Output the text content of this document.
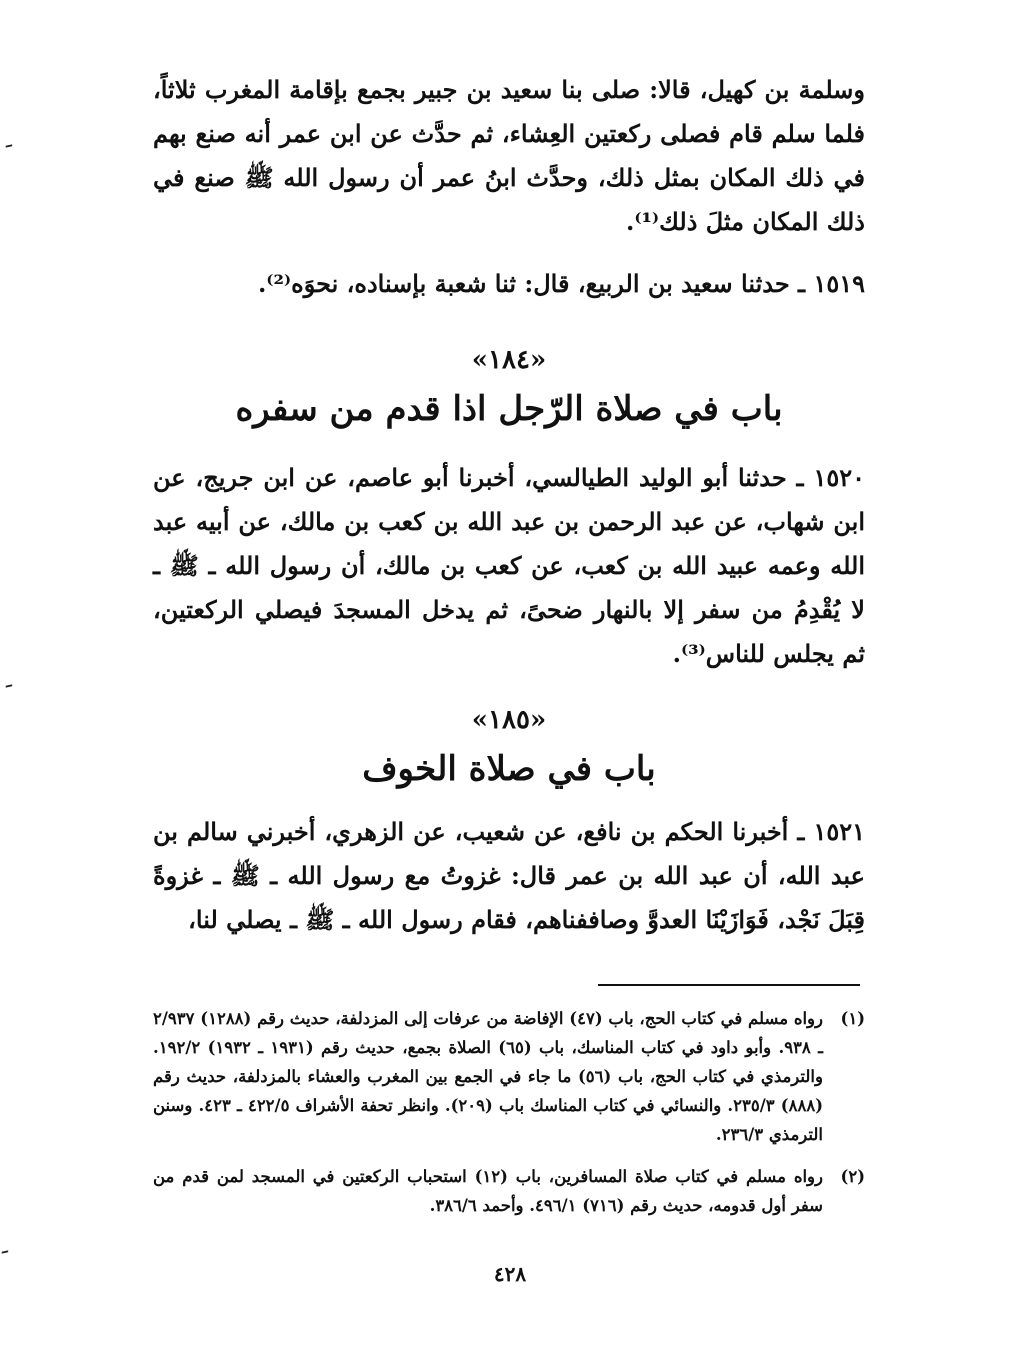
وسلمة بن كهيل، قالا: صلى بنا سعيد بن جبير بجمع بإقامة المغرب ثلاثاً، فلما سلم قام فصلى ركعتين العِشاء، ثم حدَّث عن ابن عمر أنه صنع بهم في ذلك المكان بمثل ذلك، وحدَّث ابنُ عمر أن رسول الله ﷺ صنع في ذلك المكان مثلَ ذلك⁽¹⁾.

١٥١٩ ـ حدثنا سعيد بن الربيع، قال: ثنا شعبة بإسناده، نحوَه⁽²⁾.

«١٨٤»
باب في صلاة الرّجل اذا قدم من سفره

١٥٢٠ ـ حدثنا أبو الوليد الطيالسي، أخبرنا أبو عاصم، عن ابن جريج، عن ابن شهاب، عن عبد الرحمن بن عبد الله بن كعب بن مالك، عن أبيه عبد الله وعمه عبيد الله بن كعب، عن كعب بن مالك، أن رسول الله ـ ﷺ ـ لا يُقْدِمُ من سفر إلا بالنهار ضحىً، ثم يدخل المسجدَ فيصلي الركعتين، ثم يجلس للناس⁽³⁾.

«١٨٥»
باب في صلاة الخوف

١٥٢١ ـ أخبرنا الحكم بن نافع، عن شعيب، عن الزهري، أخبرني سالم بن عبد الله، أن عبد الله بن عمر قال: غزوتُ مع رسول الله ـ ﷺ ـ غزوةً قِبَلَ نَجْد، فَوَازَيْنَا العدوَّ وصاففناهم، فقام رسول الله ـ ﷺ ـ يصلي لنا،

(١)
رواه مسلم في كتاب الحج، باب (٤٧) الإفاضة من عرفات إلى المزدلفة، حديث رقم (١٢٨٨) ٢/٩٣٧ ـ ٩٣٨. وأبو داود في كتاب المناسك، باب (٦٥) الصلاة بجمع، حديث رقم (١٩٣١ ـ ١٩٣٢) ١٩٢/٢. والترمذي في كتاب الحج، باب (٥٦) ما جاء في الجمع بين المغرب والعشاء بالمزدلفة، حديث رقم (٨٨٨) ٢٣٥/٣. والنسائي في كتاب المناسك باب (٢٠٩). وانظر تحفة الأشراف ٤٢٢/٥ ـ ٤٢٣. وسنن الترمذي ٢٣٦/٣.
(٢)
رواه مسلم في كتاب صلاة المسافرين، باب (١٢) استحباب الركعتين في المسجد لمن قدم من سفر أول قدومه، حديث رقم (٧١٦) ٤٩٦/١. وأحمد ٣٨٦/٦.
٤٢٨
ﹶ
ﹶ
ﹶ
